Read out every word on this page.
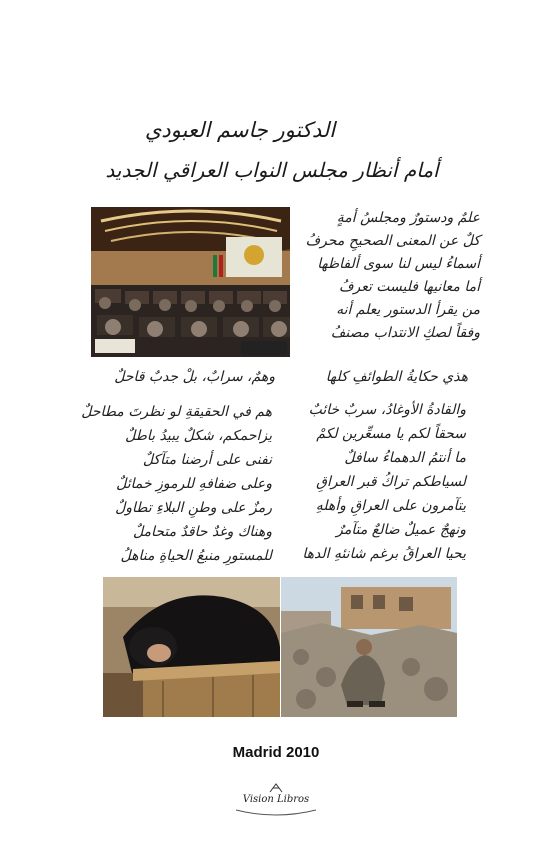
الدكتور جاسم العبودي
أمام أنظار مجلس النواب العراقي الجديد
علمٌ ودستورٌ ومجلسُ أمةٍ
كلٌ عن المعنى الصحيحِ محرفُ
أسماءُ ليس لنا سوى ألفاظها
أما معانيها فليست تعرفُ
من يقرأ الدستور يعلم أنه
وفقاً لصكِ الانتداب مصنفُ
هذي حكايةُ الطوائفِ كلها
وهمٌ، سرابٌ، بلْ جدبٌ قاحلٌ
والقادةُ الأوغادُ، سربٌ خائبٌ
سحقاً لكم يا مسعِّرين لكمْ
ما أنتمُ الدهماءُ سافلٌ
لسياطكم تراكُ قبر العراقِ
يتآمرون على العراقِ وأهلهِ
ونهجٌ عميلٌ ضالعٌ متآمرٌ
يحيا العراقُ برغم شانئهِ الدها
هم في الحقيقةِ لو نظرتَ مطاحلٌ
يزاحمكم، شكلٌ يبيدُ باطلٌ
نفنى على أرضنا متآكلٌ
وعلى ضفافهِ للرموزِ خمائلٌ
رمزٌ على وطنِ البلاءِ تطاولٌ
وهناك وغدٌ حاقدٌ متحاملٌ
للمستورِ منبعُ الحياةِ مناهلُ
Madrid 2010
Vision Libros
